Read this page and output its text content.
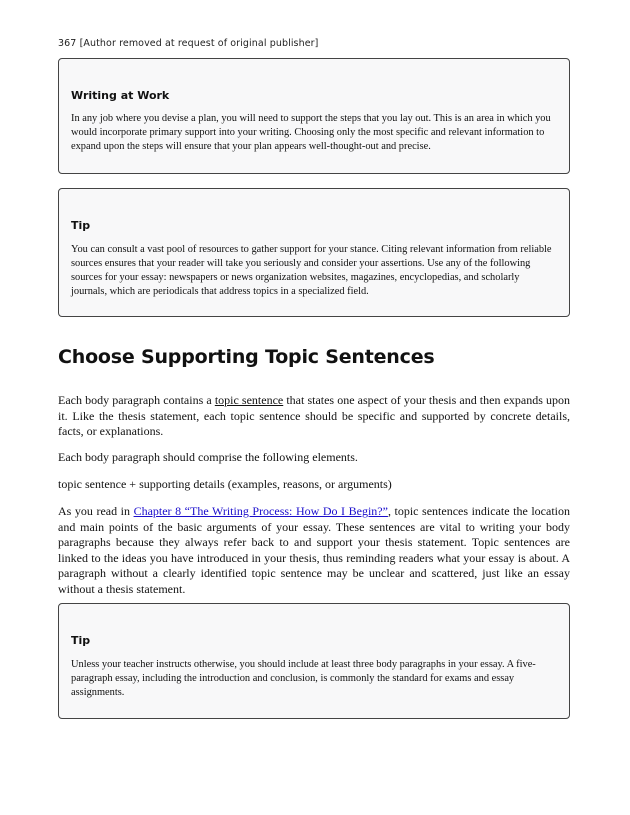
367 [Author removed at request of original publisher]

Writing at Work

In any job where you devise a plan, you will need to support the steps that you lay out. This is an area in which you would incorporate primary support into your writing. Choosing only the most specific and relevant information to expand upon the steps will ensure that your plan appears well-thought-out and precise.

Tip

You can consult a vast pool of resources to gather support for your stance. Citing relevant information from reliable sources ensures that your reader will take you seriously and consider your assertions. Use any of the following sources for your essay: newspapers or news organization websites, magazines, encyclopedias, and scholarly journals, which are periodicals that address topics in a specialized field.

Choose Supporting Topic Sentences

Each body paragraph contains a topic sentence that states one aspect of your thesis and then expands upon it. Like the thesis statement, each topic sentence should be specific and supported by concrete details, facts, or explanations.

Each body paragraph should comprise the following elements.

topic sentence + supporting details (examples, reasons, or arguments)

As you read in Chapter 8 “The Writing Process: How Do I Begin?”, topic sentences indicate the location and main points of the basic arguments of your essay. These sentences are vital to writing your body paragraphs because they always refer back to and support your thesis statement. Topic sentences are linked to the ideas you have introduced in your thesis, thus reminding readers what your essay is about. A paragraph without a clearly identified topic sentence may be unclear and scattered, just like an essay without a thesis statement.

Tip

Unless your teacher instructs otherwise, you should include at least three body paragraphs in your essay. A five-paragraph essay, including the introduction and conclusion, is commonly the standard for exams and essay assignments.
